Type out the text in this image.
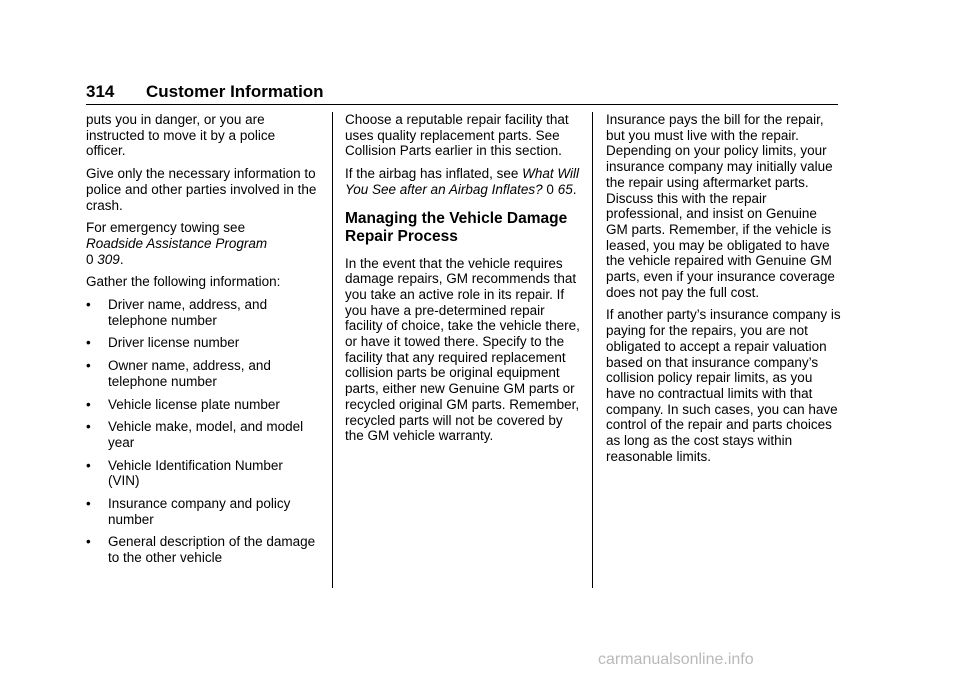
314 Customer Information

puts you in danger, or you are instructed to move it by a police officer.

Give only the necessary information to police and other parties involved in the crash.

For emergency towing see
Roadside Assistance Program
0 309.

Gather the following information:

• Driver name, address, and telephone number
• Driver license number
• Owner name, address, and telephone number
• Vehicle license plate number
• Vehicle make, model, and model year
• Vehicle Identification Number (VIN)
• Insurance company and policy number
• General description of the damage to the other vehicle

Choose a reputable repair facility that uses quality replacement parts. See Collision Parts earlier in this section.

If the airbag has inflated, see What Will You See after an Airbag Inflates? 0 65.

Managing the Vehicle Damage Repair Process

In the event that the vehicle requires damage repairs, GM recommends that you take an active role in its repair. If you have a pre-determined repair facility of choice, take the vehicle there, or have it towed there. Specify to the facility that any required replacement collision parts be original equipment parts, either new Genuine GM parts or recycled original GM parts. Remember, recycled parts will not be covered by the GM vehicle warranty.

Insurance pays the bill for the repair, but you must live with the repair. Depending on your policy limits, your insurance company may initially value the repair using aftermarket parts. Discuss this with the repair professional, and insist on Genuine GM parts. Remember, if the vehicle is leased, you may be obligated to have the vehicle repaired with Genuine GM parts, even if your insurance coverage does not pay the full cost.

If another party’s insurance company is paying for the repairs, you are not obligated to accept a repair valuation based on that insurance company’s collision policy repair limits, as you have no contractual limits with that company. In such cases, you can have control of the repair and parts choices as long as the cost stays within reasonable limits.

carmanualsonline.info
